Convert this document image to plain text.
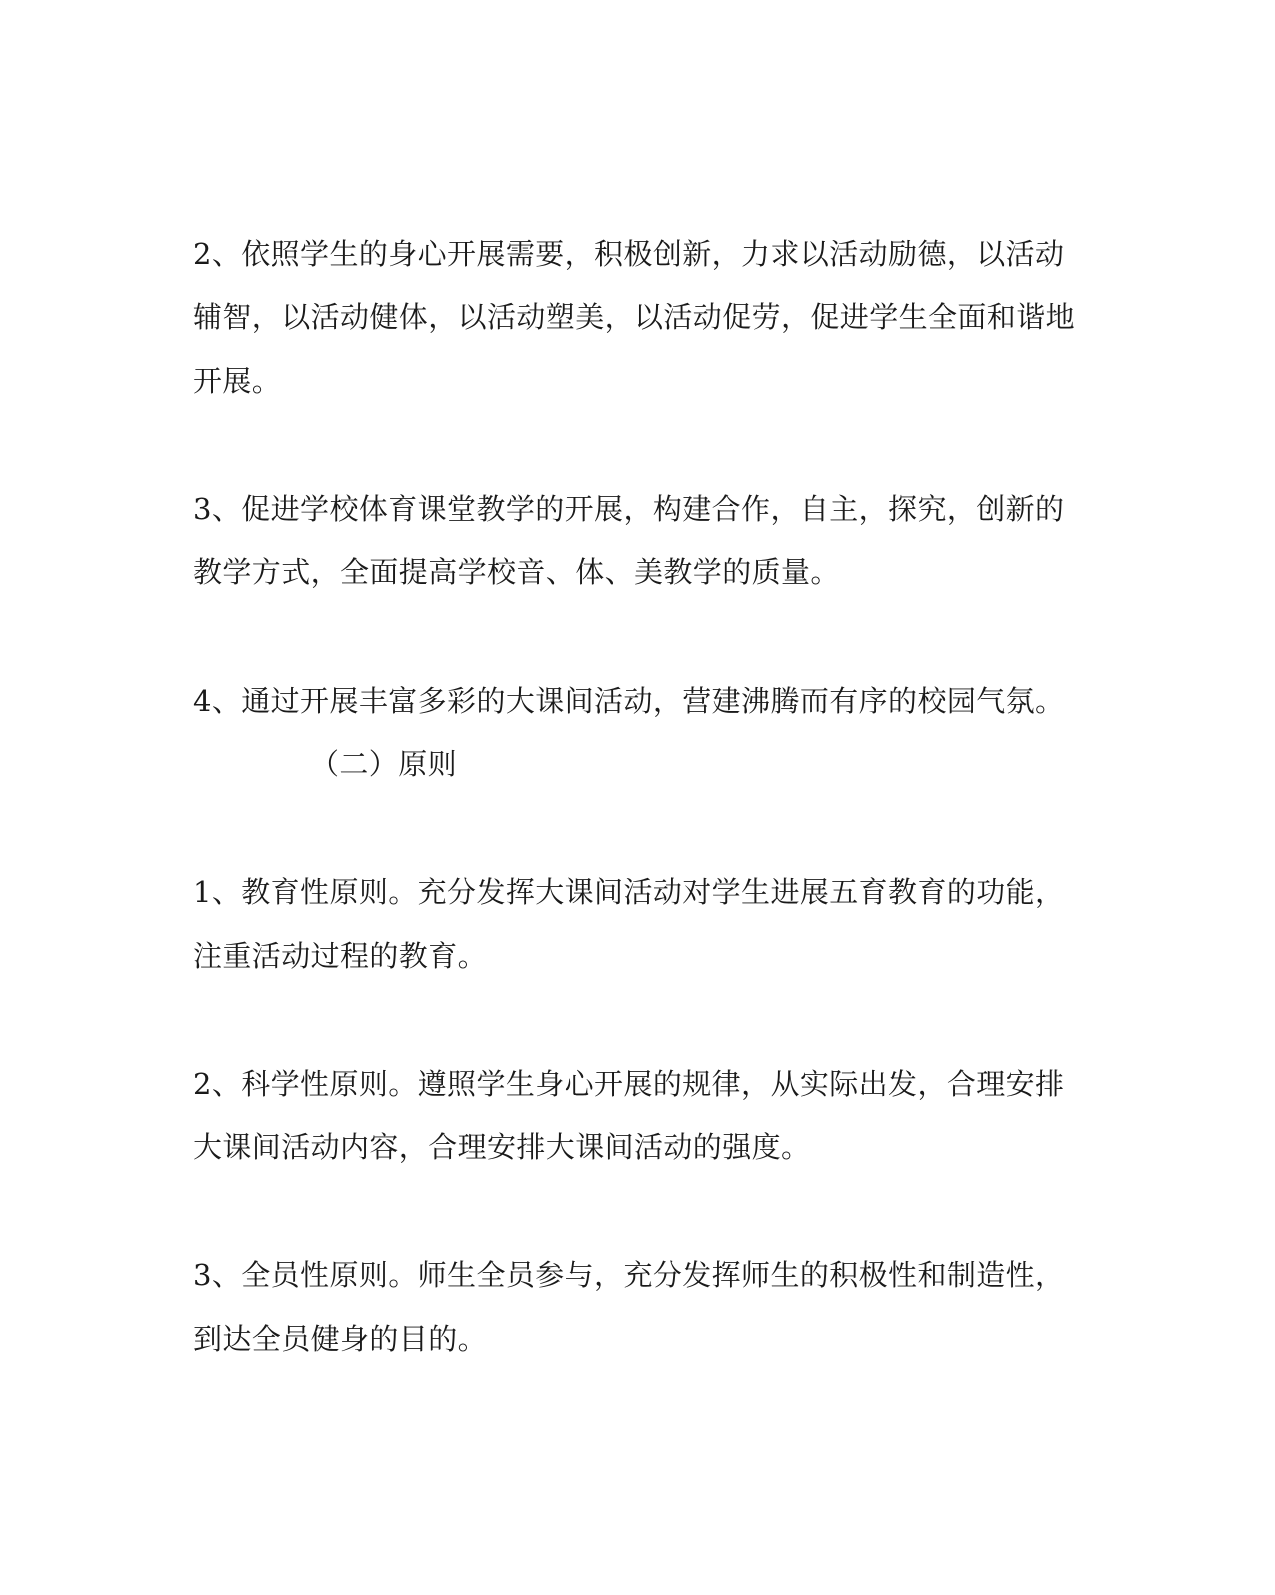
2、依照学生的身心开展需要，积极创新，力求以活动励德，以活动

辅智，以活动健体，以活动塑美，以活动促劳，促进学生全面和谐地

开展。

3、促进学校体育课堂教学的开展，构建合作，自主，探究，创新的

教学方式，全面提高学校音、体、美教学的质量。

4、通过开展丰富多彩的大课间活动，营建沸腾而有序的校园气氛。

（二）原则

1、教育性原则。充分发挥大课间活动对学生进展五育教育的功能，

注重活动过程的教育。

2、科学性原则。遵照学生身心开展的规律，从实际出发，合理安排

大课间活动内容，合理安排大课间活动的强度。

3、全员性原则。师生全员参与，充分发挥师生的积极性和制造性，

到达全员健身的目的。
